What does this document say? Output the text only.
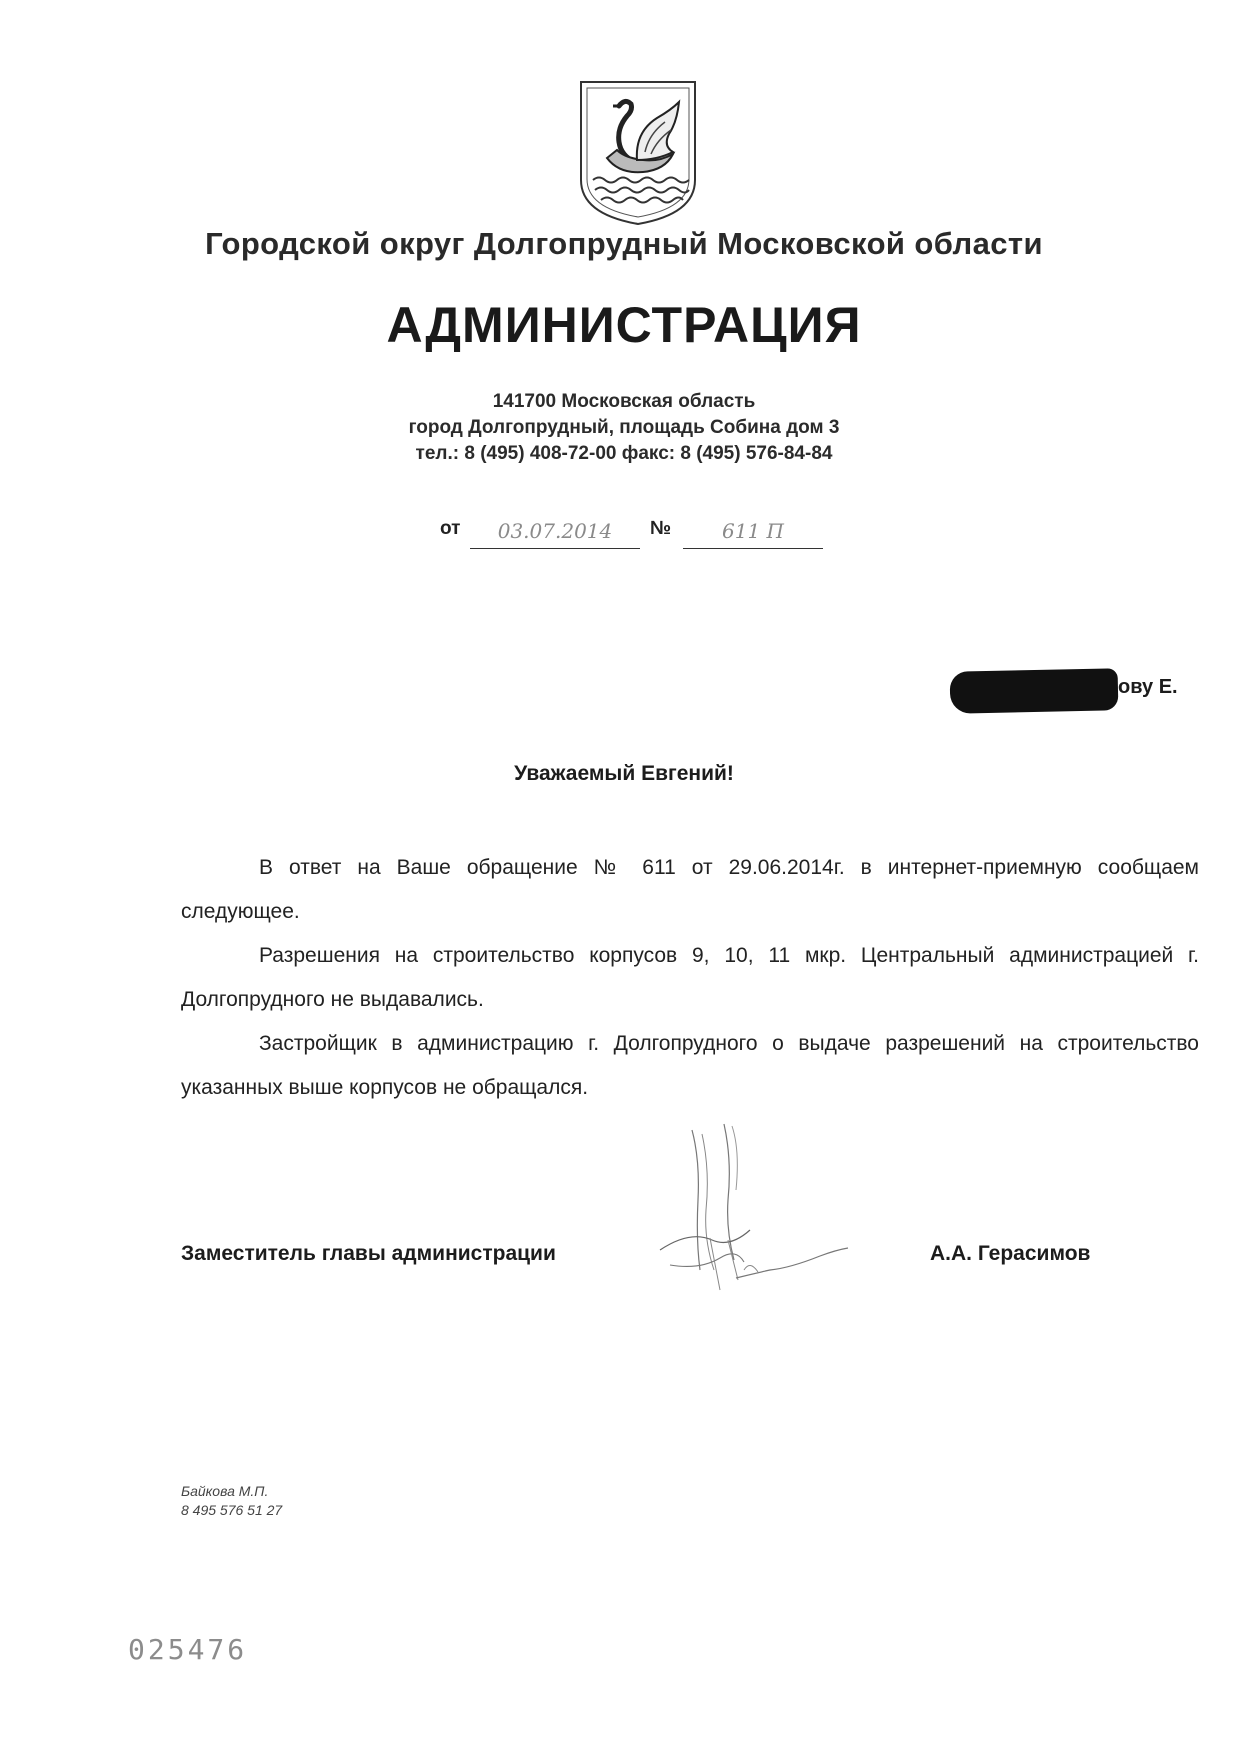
Городской округ Долгопрудный Московской области
АДМИНИСТРАЦИЯ
141700 Московская область
город Долгопрудный, площадь Собина дом 3
тел.: 8 (495) 408-72-00 факс: 8 (495) 576-84-84
от	03.07.2014	№	611 П
ову Е.
Уважаемый Евгений!

В ответ на Ваше обращение № 611 от 29.06.2014г. в интернет-приемную сообщаем следующее.

Разрешения на строительство корпусов 9, 10, 11 мкр. Центральный администрацией г. Долгопрудного не выдавались.

Застройщик в администрацию г. Долгопрудного о выдаче разрешений на строительство указанных выше корпусов не обращался.

Заместитель главы администрации	А.А. Герасимов
Байкова М.П.
8 495 576 51 27
025476
